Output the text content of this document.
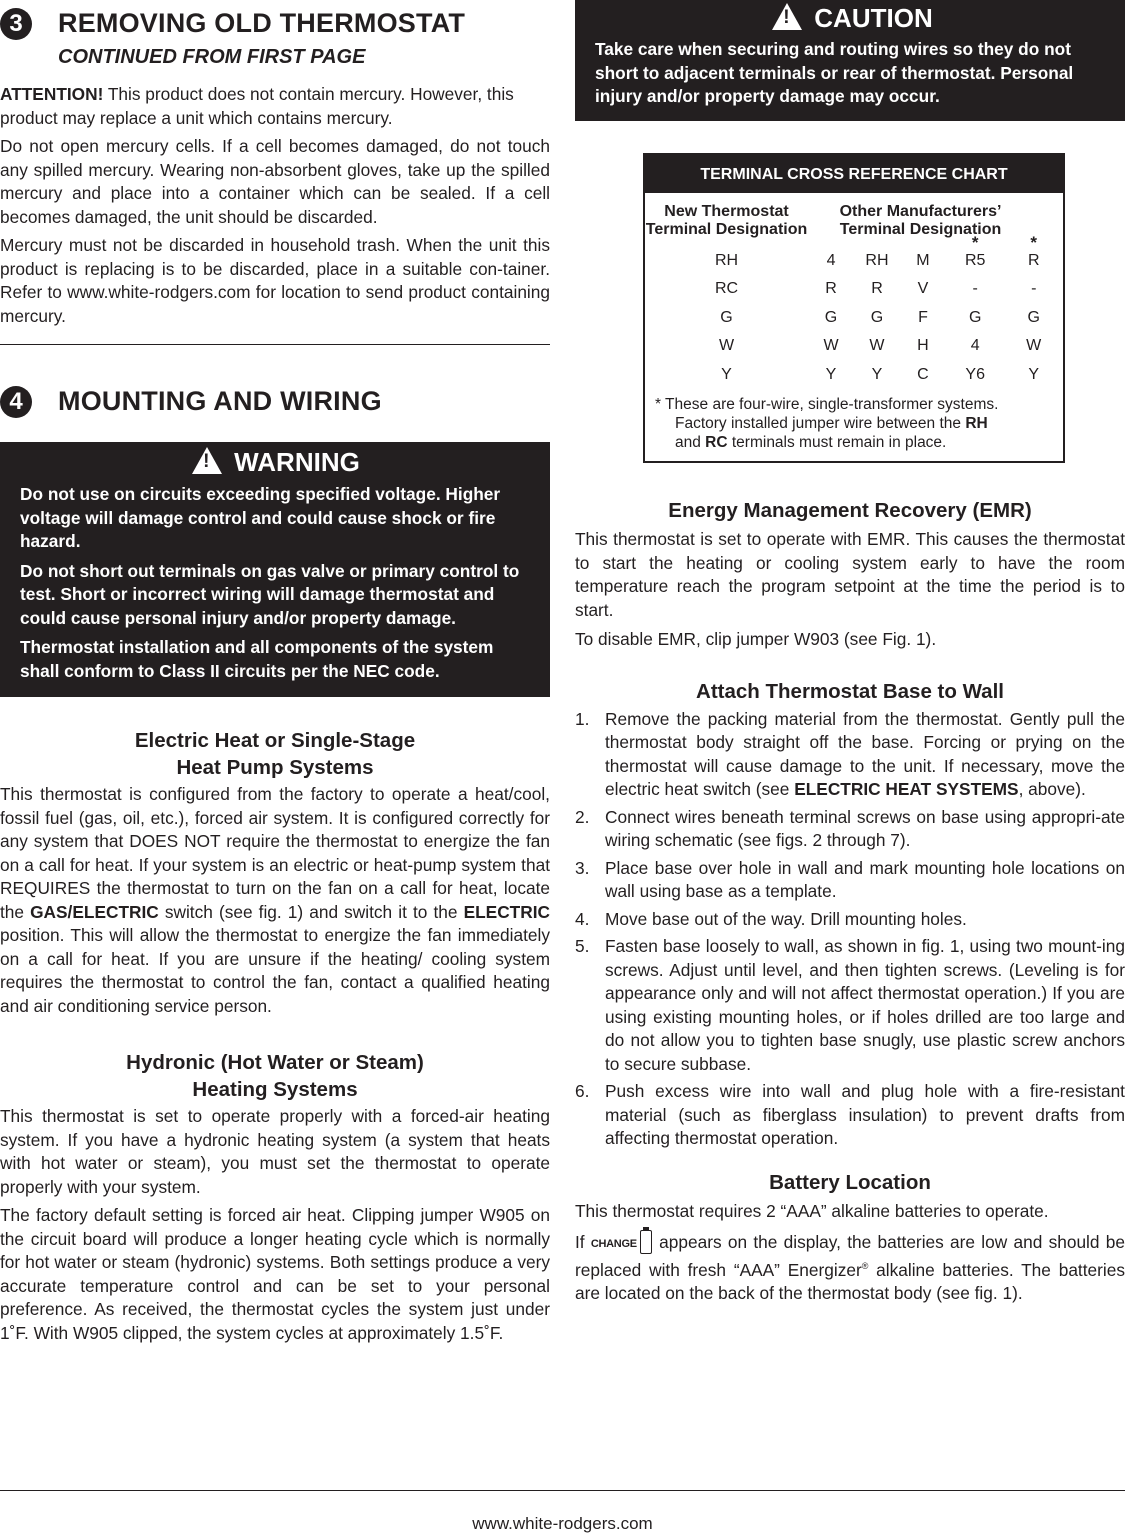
3	REMOVING OLD THERMOSTAT
CONTINUED FROM FIRST PAGE

ATTENTION! This product does not contain mercury. However, this product may replace a unit which contains mercury.

Do not open mercury cells. If a cell becomes damaged, do not touch any spilled mercury. Wearing non-absorbent gloves, take up the spilled mercury and place into a container which can be sealed. If a cell becomes damaged, the unit should be discarded.

Mercury must not be discarded in household trash. When the unit this product is replacing is to be discarded, place in a suitable con-tainer. Refer to www.white-rodgers.com for location to send product containing mercury.

4	MOUNTING AND WIRING
! WARNING

Do not use on circuits exceeding specified voltage. Higher voltage will damage control and could cause shock or fire hazard.

Do not short out terminals on gas valve or primary control to test. Short or incorrect wiring will damage thermostat and could cause personal injury and/or property damage.

Thermostat installation and all components of the system shall conform to Class II circuits per the NEC code.

Electric Heat or Single-Stage
Heat Pump Systems

This thermostat is configured from the factory to operate a heat/cool, fossil fuel (gas, oil, etc.), forced air system. It is configured correctly for any system that DOES NOT require the thermostat to energize the fan on a call for heat. If your system is an electric or heat-pump system that REQUIRES the thermostat to turn on the fan on a call for heat, locate the GAS/ELECTRIC switch (see fig. 1) and switch it to the ELECTRIC position. This will allow the thermostat to energize the fan immediately on a call for heat. If you are unsure if the heating/ cooling system requires the thermostat to control the fan, contact a qualified heating and air conditioning service person.

Hydronic (Hot Water or Steam)
Heating Systems

This thermostat is set to operate properly with a forced-air heating system. If you have a hydronic heating system (a system that heats with hot water or steam), you must set the thermostat to operate properly with your system.

The factory default setting is forced air heat. Clipping jumper W905 on the circuit board will produce a longer heating cycle which is normally for hot water or steam (hydronic) systems. Both settings produce a very accurate temperature control and can be set to your personal preference. As received, the thermostat cycles the system just under 1˚F. With W905 clipped, the system cycles at approximately 1.5˚F.

! CAUTION

Take care when securing and routing wires so they do not short to adjacent terminals or rear of thermostat. Personal injury and/or property damage may occur.

TERMINAL CROSS REFERENCE CHART
New Thermostat
Terminal Designation	Other Manufacturers’
Terminal Designation				
				*	*
RH	4	RH	M	R5	R
RC	R	R	V	-	-
G	G	G	F	G	G
W	W	W	H	4	W
Y	Y	Y	C	Y6	Y
* These are four-wire, single-transformer systems.
Factory installed jumper wire between the RH
and RC terminals must remain in place.
Energy Management Recovery (EMR)

This thermostat is set to operate with EMR. This causes the thermostat to start the heating or cooling system early to have the room temperature reach the program setpoint at the time the period is to start.

To disable EMR, clip jumper W903 (see Fig. 1).

Attach Thermostat Base to Wall
1. Remove the packing material from the thermostat. Gently pull the thermostat body straight off the base. Forcing or prying on the thermostat will cause damage to the unit. If necessary, move the electric heat switch (see ELECTRIC HEAT SYSTEMS, above).
2. Connect wires beneath terminal screws on base using appropri-ate wiring schematic (see figs. 2 through 7).
3. Place base over hole in wall and mark mounting hole locations on wall using base as a template.
4. Move base out of the way. Drill mounting holes.
5. Fasten base loosely to wall, as shown in fig. 1, using two mount-ing screws. Adjust until level, and then tighten screws. (Leveling is for appearance only and will not affect thermostat operation.) If you are using existing mounting holes, or if holes drilled are too large and do not allow you to tighten base snugly, use plastic screw anchors to secure subbase.
6. Push excess wire into wall and plug hole with a fire-resistant material (such as fiberglass insulation) to prevent drafts from affecting thermostat operation.
Battery Location

This thermostat requires 2 “AAA” alkaline batteries to operate.

If CHANGE appears on the display, the batteries are low and should be replaced with fresh “AAA” Energizer® alkaline batteries. The batteries are located on the back of the thermostat body (see fig. 1).

www.white-rodgers.com
